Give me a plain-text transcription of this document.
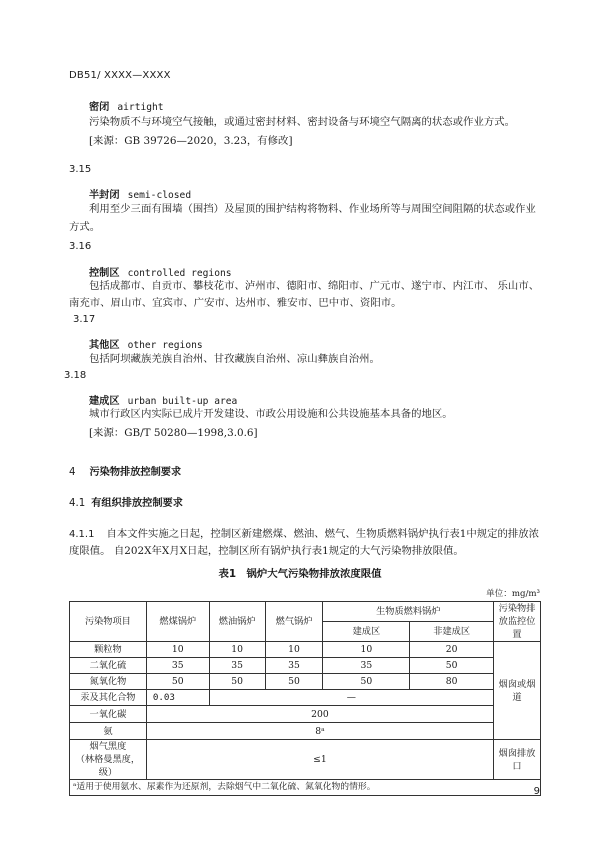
DB51/ XXXX—XXXX
密闭 airtight
污染物质不与环境空气接触，或通过密封材料、密封设备与环境空气隔离的状态或作业方式。
[来源：GB 39726—2020，3.23，有修改]
3.15
半封闭 semi-closed
利用至少三面有围墙（围挡）及屋顶的围护结构将物料、作业场所等与周围空间阻隔的状态或作业
方式。
3.16
控制区 controlled regions
包括成都市、自贡市、攀枝花市、泸州市、德阳市、绵阳市、广元市、遂宁市、内江市、 乐山市、
南充市、眉山市、宜宾市、广安市、达州市、雅安市、巴中市、资阳市。
3.17
其他区 other regions
包括阿坝藏族羌族自治州、甘孜藏族自治州、凉山彝族自治州。
3.18
建成区 urban built-up area
城市行政区内实际已成片开发建设、市政公用设施和公共设施基本具备的地区。
[来源：GB/T 50280—1998,3.0.6]
4 污染物排放控制要求
4.1 有组织排放控制要求
4.1.1 自本文件实施之日起，控制区新建燃煤、燃油、燃气、生物质燃料锅炉执行表1中规定的排放浓
度限值。 自202X年X月X日起，控制区所有锅炉执行表1规定的大气污染物排放限值。
表1　锅炉大气污染物排放浓度限值
单位：mg/m³
污染物项目	燃煤锅炉	燃油锅炉	燃气锅炉	生物质燃料锅炉		污染物排放监控位置
				建成区	非建成区	
颗粒物	10	10	10	10	20	烟囱或烟道
二氧化硫	35	35	35	35	50	
氮氧化物	50	50	50	50	80	
汞及其化合物	0.03	—				
一氧化碳	200					
氨	8ᵃ					

烟气黑度
（林格曼黑度，级）	≤1					烟囱排放口
ᵃ适用于使用氨水、尿素作为还原剂，去除烟气中二氧化硫、氮氧化物的情形。							9
